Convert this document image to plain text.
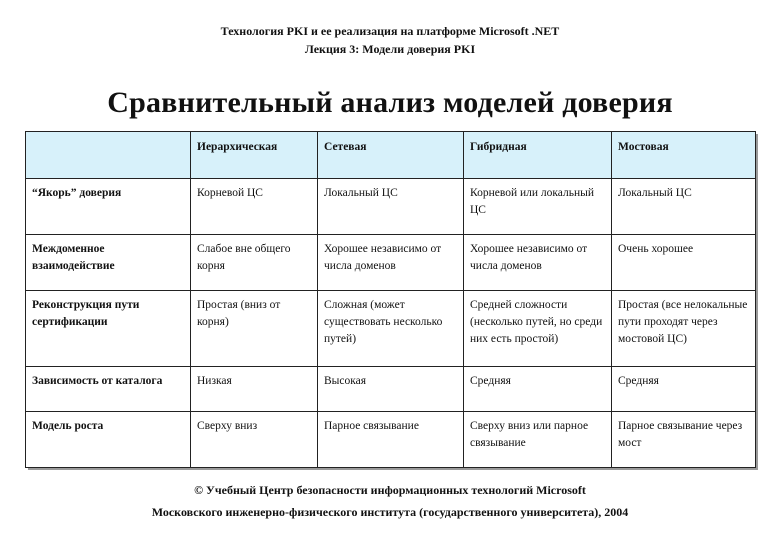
Технология PKI и ее реализация на платформе Microsoft .NET
Лекция 3: Модели доверия PKI
Сравнительный анализ моделей доверия
	Иерархическая	Сетевая	Гибридная	Мостовая
“Якорь” доверия	Корневой ЦС	Локальный ЦС	Корневой или локальный ЦС	Локальный ЦС
Междоменное взаимодействие	Слабое вне общего корня	Хорошее независимо от числа доменов	Хорошее независимо от числа доменов	Очень хорошее
Реконструкция пути сертификации	Простая (вниз от корня)	Сложная (может существовать несколько путей)	Средней сложности (несколько путей, но среди них есть простой)	Простая (все нелокальные пути проходят через мостовой ЦС)
Зависимость от каталога	Низкая	Высокая	Средняя	Средняя
Модель роста	Сверху вниз	Парное связывание	Сверху вниз или парное связывание	Парное связывание через мост
© Учебный Центр безопасности информационных технологий Microsoft
Московского инженерно-физического института (государственного университета), 2004
